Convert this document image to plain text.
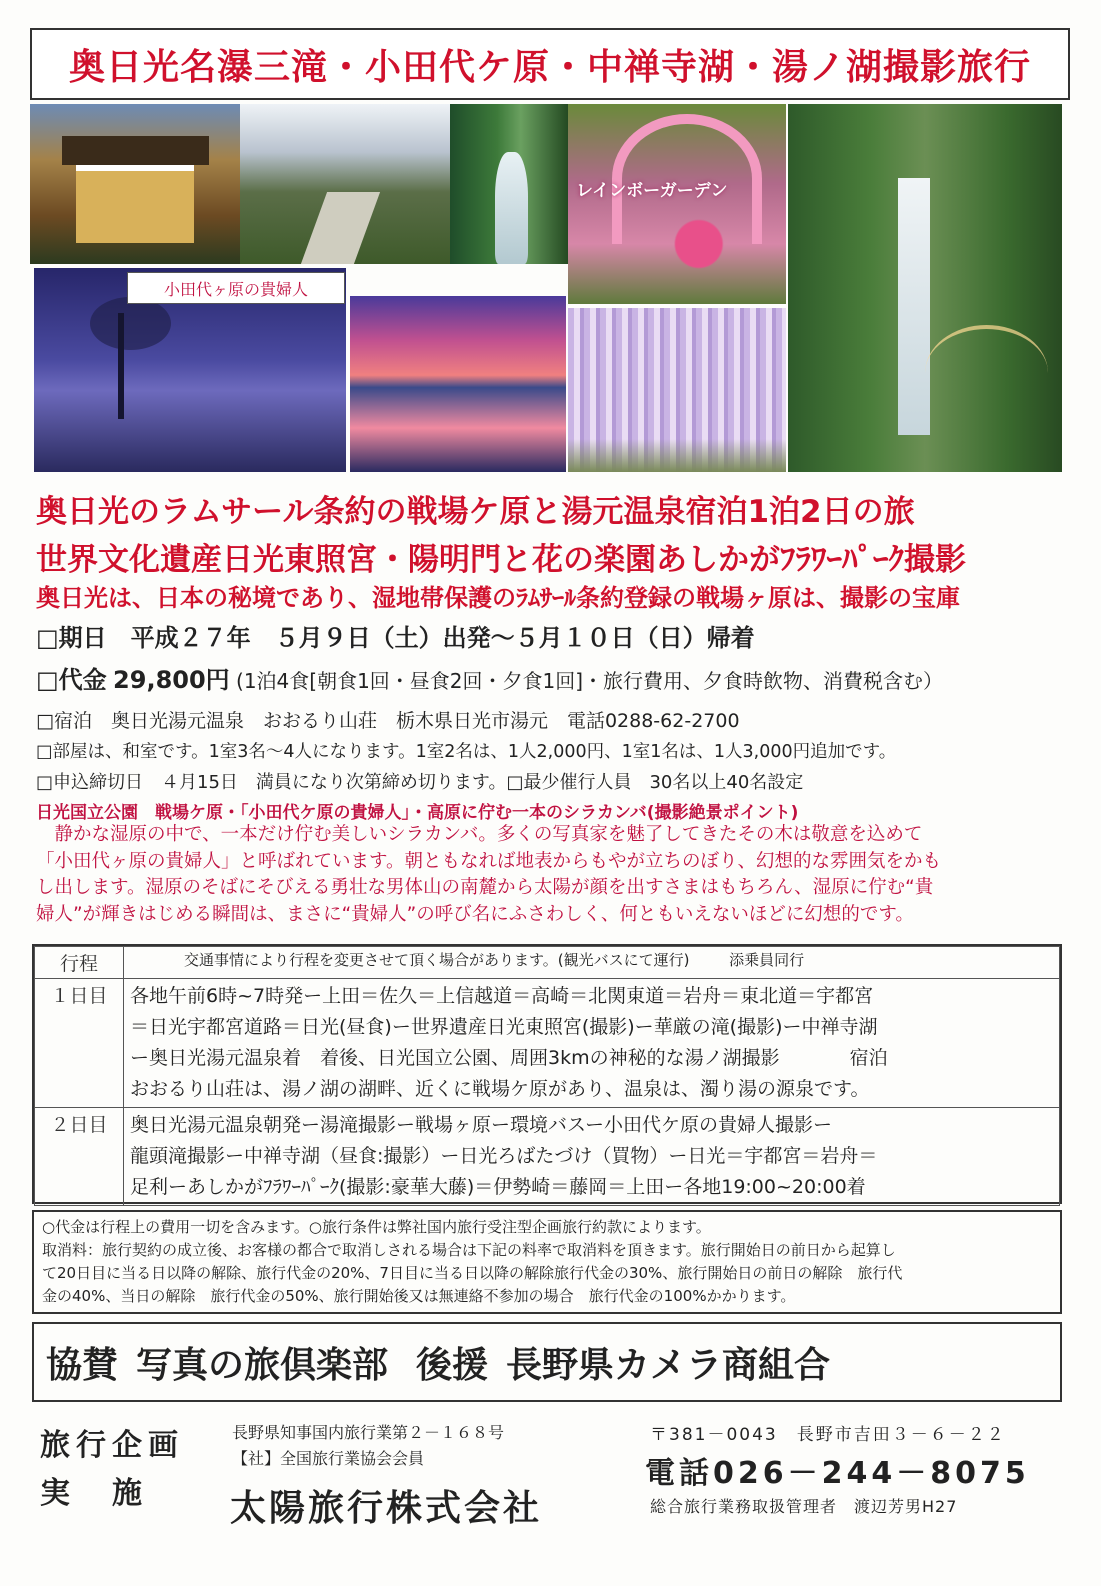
奥日光名瀑三滝・小田代ケ原・中禅寺湖・湯ノ湖撮影旅行
レインボーガーデン
小田代ヶ原の貴婦人
奥日光のラムサール条約の戦場ケ原と湯元温泉宿泊1泊2日の旅
世界文化遺産日光東照宮・陽明門と花の楽園あしかがﾌﾗﾜｰﾊﾟｰｸ撮影
奥日光は、日本の秘境であり、湿地帯保護のﾗﾑｻｰﾙ条約登録の戦場ヶ原は、撮影の宝庫
□期日　平成２７年　５月９日（土）出発～５月１０日（日）帰着
□代金 29,800円 (1泊4食[朝食1回・昼食2回・夕食1回]・旅行費用、夕食時飲物、消費税含む）
□宿泊　奥日光湯元温泉　おおるり山荘　栃木県日光市湯元　電話0288-62-2700
□部屋は、和室です。1室3名～4人になります。1室2名は、1人2,000円、1室1名は、1人3,000円追加です。
□申込締切日　４月15日　満員になり次第締め切ります。□最少催行人員　30名以上40名設定
日光国立公園　戦場ケ原・「小田代ケ原の貴婦人」・高原に佇む一本のシラカンバ(撮影絶景ポイント)

　静かな湿原の中で、一本だけ佇む美しいシラカンバ。多くの写真家を魅了してきたその木は敬意を込めて

「小田代ヶ原の貴婦人」と呼ばれています。朝ともなれば地表からもやが立ちのぼり、幻想的な雰囲気をかも

し出します。湿原のそばにそびえる勇壮な男体山の南麓から太陽が顔を出すさまはもちろん、湿原に佇む“貴

婦人”が輝きはじめる瞬間は、まさに“貴婦人”の呼び名にふさわしく、何ともいえないほどに幻想的です。

行程	交通事情により行程を変更させて頂く場合があります。(観光バスにて運行) 添乗員同行
１日目	各地午前6時~7時発ー上田＝佐久＝上信越道＝高崎＝北関東道＝岩舟＝東北道＝宇都宮
＝日光宇都宮道路＝日光(昼食)ー世界遺産日光東照宮(撮影)ー華厳の滝(撮影)ー中禅寺湖
ー奥日光湯元温泉着　着後、日光国立公園、周囲3kmの神秘的な湯ノ湖撮影 宿泊
おおるり山荘は、湯ノ湖の湖畔、近くに戦場ケ原があり、温泉は、濁り湯の源泉です。

２日目	奥日光湯元温泉朝発ー湯滝撮影ー戦場ヶ原ー環境バスー小田代ケ原の貴婦人撮影ー
龍頭滝撮影ー中禅寺湖（昼食:撮影）ー日光ろばたづけ（買物）ー日光＝宇都宮＝岩舟＝
足利ーあしかがﾌﾗﾜｰﾊﾟｰｸ(撮影:豪華大藤)＝伊勢崎＝藤岡＝上田ー各地19:00~20:00着

○代金は行程上の費用一切を含みます。○旅行条件は弊社国内旅行受注型企画旅行約款によります。

取消料：旅行契約の成立後、お客様の都合で取消しされる場合は下記の料率で取消料を頂きます。旅行開始日の前日から起算し

て20日目に当る日以降の解除、旅行代金の20%、7日目に当る日以降の解除旅行代金の30%、旅行開始日の前日の解除　旅行代

金の40%、当日の解除　旅行代金の50%、旅行開始後又は無連絡不参加の場合　旅行代金の100%かかります。

協賛 写真の旅倶楽部 後援 長野県カメラ商組合
旅行企画
実　施
長野県知事国内旅行業第２－１６８号
【社】全国旅行業協会会員
太陽旅行株式会社
〒381－0043　長野市吉田３－６－２２
電話026－244－8075
総合旅行業務取扱管理者　渡辺芳男H27
